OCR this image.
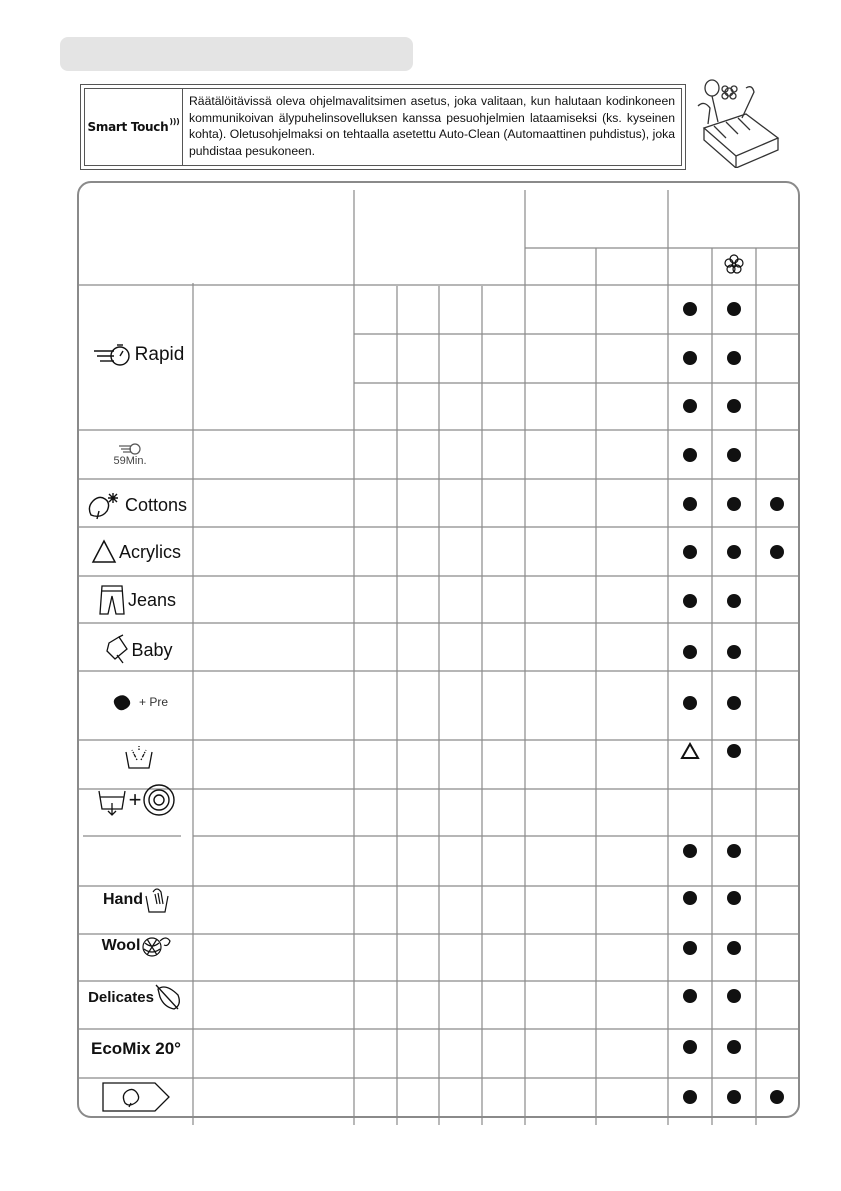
Smart Touch )))
Räätälöitävissä oleva ohjelmavalitsimen asetus, joka valitaan, kun halutaan kodinkoneen kommunikoivan älypuhelinsovelluksen kanssa pesuohjelmien lataamiseksi (ks. kyseinen kohta). Oletusohjelmaksi on tehtaalla asetettu Auto-Clean (Automaattinen puhdistus), joka puhdistaa pesukoneen.
Rapid
59Min.
Cottons
Acrylics
Jeans
Baby
+ Pre
+
Hand
Wool
Delicates
EcoMix 20°
